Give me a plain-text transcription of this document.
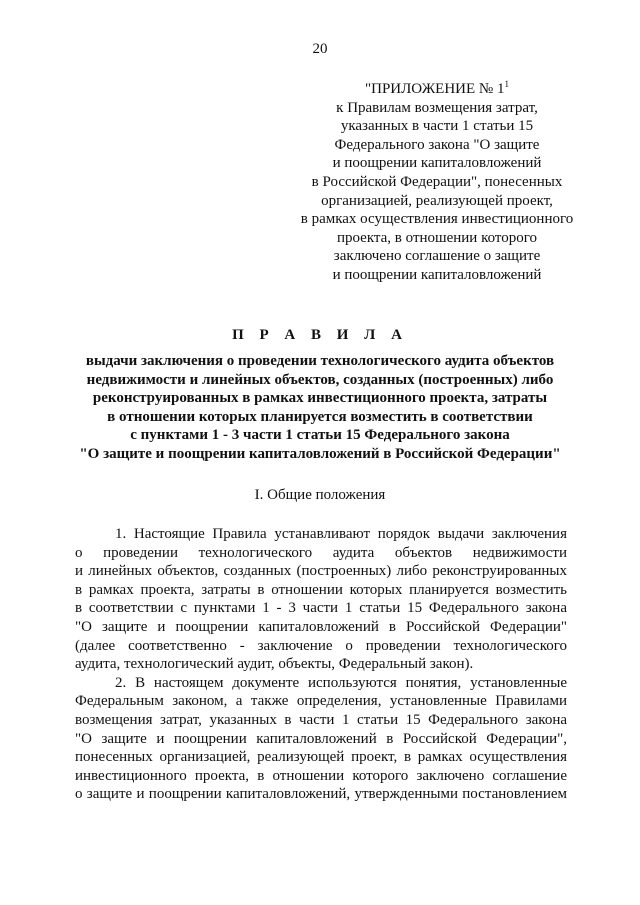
20
"ПРИЛОЖЕНИЕ № $1^1$
к Правилам возмещения затрат,
указанных в части 1 статьи 15
Федерального закона "О защите
и поощрении капиталовложений
в Российской Федерации", понесенных
организацией, реализующей проект,
в рамках осуществления инвестиционного
проекта, в отношении которого
заключено соглашение о защите
и поощрении капиталовложений
П Р А В И Л А
выдачи заключения о проведении технологического аудита объектов
недвижимости и линейных объектов, созданных (построенных) либо
реконструированных в рамках инвестиционного проекта, затраты
в отношении которых планируется возместить в соответствии
с пунктами 1 - 3 части 1 статьи 15 Федерального закона
"О защите и поощрении капиталовложений в Российской Федерации"
I. Общие положения
1. Настоящие Правила устанавливают порядок выдачи заключения
о проведении технологического аудита объектов недвижимости
и линейных объектов, созданных (построенных) либо реконструированных
в рамках проекта, затраты в отношении которых планируется возместить
в соответствии с пунктами 1 - 3 части 1 статьи 15 Федерального закона
"О защите и поощрении капиталовложений в Российской Федерации"
(далее соответственно - заключение о проведении технологического
аудита, технологический аудит, объекты, Федеральный закон).
2. В настоящем документе используются понятия, установленные
Федеральным законом, а также определения, установленные Правилами
возмещения затрат, указанных в части 1 статьи 15 Федерального закона
"О защите и поощрении капиталовложений в Российской Федерации",
понесенных организацией, реализующей проект, в рамках осуществления
инвестиционного проекта, в отношении которого заключено соглашение
о защите и поощрении капиталовложений, утвержденными постановлением
